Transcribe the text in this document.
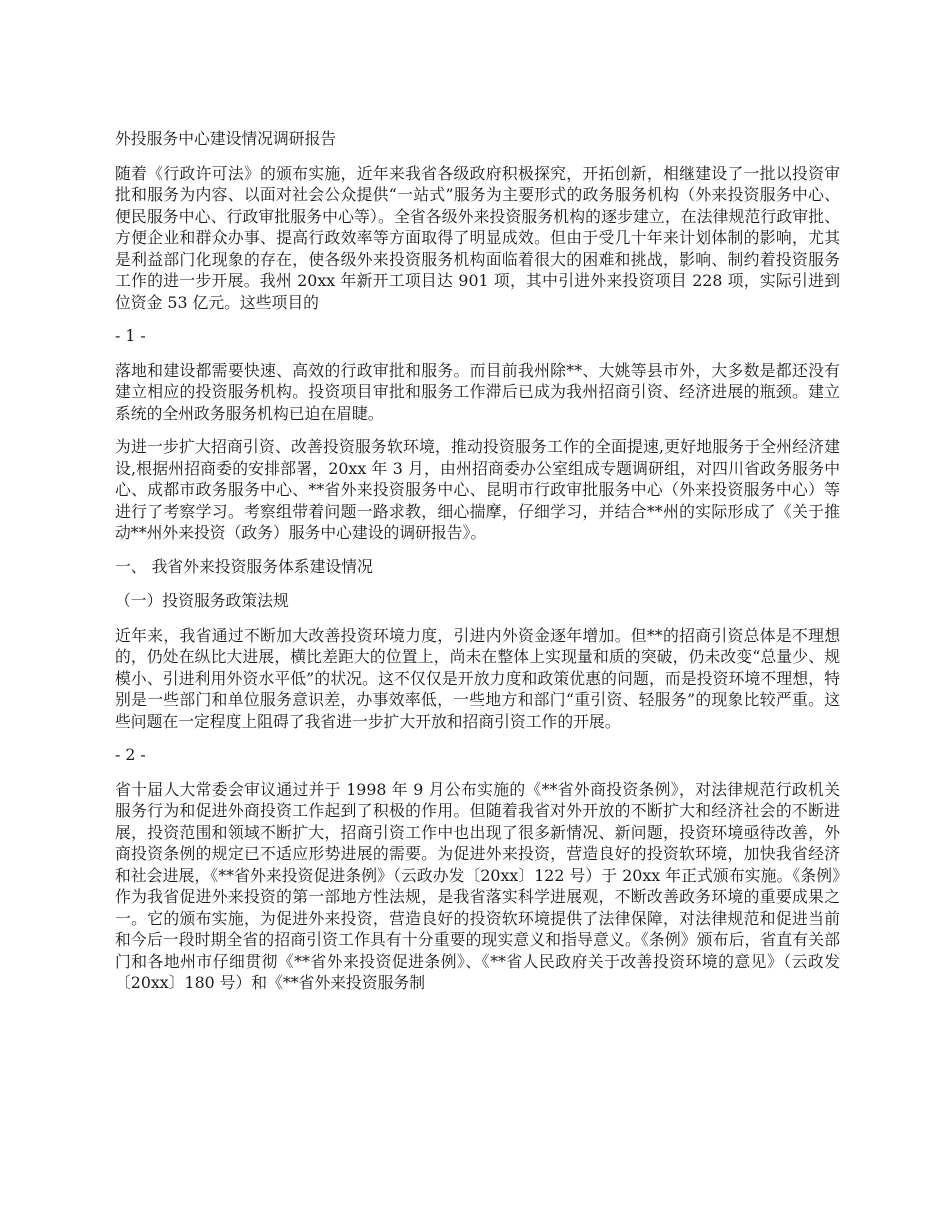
外投服务中心建设情况调研报告

随着《行政许可法》的颁布实施，近年来我省各级政府积极探究，开拓创新，相继建设了一批以投资审批和服务为内容、以面对社会公众提供“一站式”服务为主要形式的政务服务机构（外来投资服务中心、便民服务中心、行政审批服务中心等）。全省各级外来投资服务机构的逐步建立，在法律规范行政审批、方便企业和群众办事、提高行政效率等方面取得了明显成效。但由于受几十年来计划体制的影响，尤其是利益部门化现象的存在，使各级外来投资服务机构面临着很大的困难和挑战，影响、制约着投资服务工作的进一步开展。我州 20xx 年新开工项目达 901 项，其中引进外来投资项目 228 项，实际引进到位资金 53 亿元。这些项目的

- 1 -

落地和建设都需要快速、高效的行政审批和服务。而目前我州除**、大姚等县市外，大多数是都还没有建立相应的投资服务机构。投资项目审批和服务工作滞后已成为我州招商引资、经济进展的瓶颈。建立系统的全州政务服务机构已迫在眉睫。

为进一步扩大招商引资、改善投资服务软环境，推动投资服务工作的全面提速,更好地服务于全州经济建设,根据州招商委的安排部署，20xx 年 3 月，由州招商委办公室组成专题调研组，对四川省政务服务中心、成都市政务服务中心、**省外来投资服务中心、昆明市行政审批服务中心（外来投资服务中心）等进行了考察学习。考察组带着问题一路求教，细心揣摩，仔细学习，并结合**州的实际形成了《关于推动**州外来投资（政务）服务中心建设的调研报告》。

一、 我省外来投资服务体系建设情况

（一）投资服务政策法规

近年来，我省通过不断加大改善投资环境力度，引进内外资金逐年增加。但**的招商引资总体是不理想的，仍处在纵比大进展，横比差距大的位置上，尚未在整体上实现量和质的突破，仍未改变“总量少、规模小、引进利用外资水平低”的状况。这不仅仅是开放力度和政策优惠的问题，而是投资环境不理想，特别是一些部门和单位服务意识差，办事效率低，一些地方和部门“重引资、轻服务”的现象比较严重。这些问题在一定程度上阻碍了我省进一步扩大开放和招商引资工作的开展。

- 2 -

省十届人大常委会审议通过并于 1998 年 9 月公布实施的《**省外商投资条例》，对法律规范行政机关服务行为和促进外商投资工作起到了积极的作用。但随着我省对外开放的不断扩大和经济社会的不断进展，投资范围和领域不断扩大，招商引资工作中也出现了很多新情况、新问题，投资环境亟待改善，外商投资条例的规定已不适应形势进展的需要。为促进外来投资，营造良好的投资软环境，加快我省经济和社会进展，《**省外来投资促进条例》（云政办发〔20xx〕122 号）于 20xx 年正式颁布实施。《条例》作为我省促进外来投资的第一部地方性法规，是我省落实科学进展观，不断改善政务环境的重要成果之一。它的颁布实施，为促进外来投资，营造良好的投资软环境提供了法律保障，对法律规范和促进当前和今后一段时期全省的招商引资工作具有十分重要的现实意义和指导意义。《条例》颁布后，省直有关部门和各地州市仔细贯彻《**省外来投资促进条例》、《**省人民政府关于改善投资环境的意见》（云政发〔20xx〕180 号）和《**省外来投资服务制
